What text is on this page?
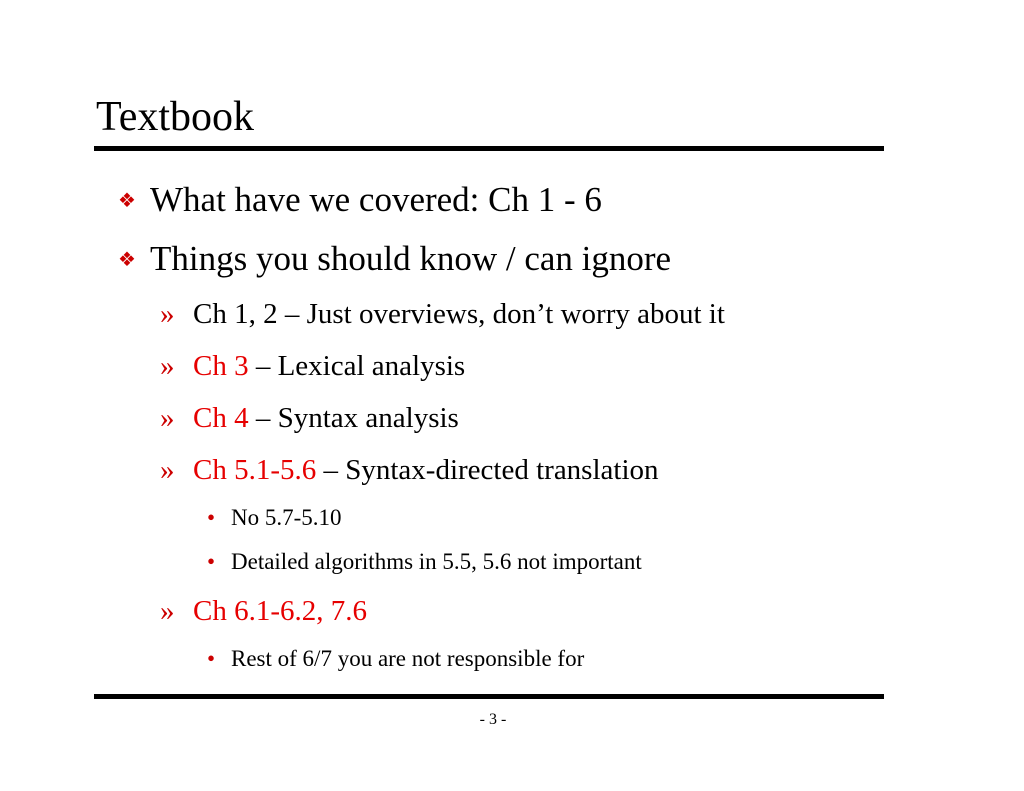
Textbook
❖ What have we covered: Ch 1 - 6
❖ Things you should know / can ignore
» Ch 1, 2 – Just overviews, don’t worry about it
» Ch 3 – Lexical analysis
» Ch 4 – Syntax analysis
» Ch 5.1-5.6 – Syntax-directed translation
• No 5.7-5.10
• Detailed algorithms in 5.5, 5.6 not important
» Ch 6.1-6.2, 7.6
• Rest of 6/7 you are not responsible for
- 3 -
